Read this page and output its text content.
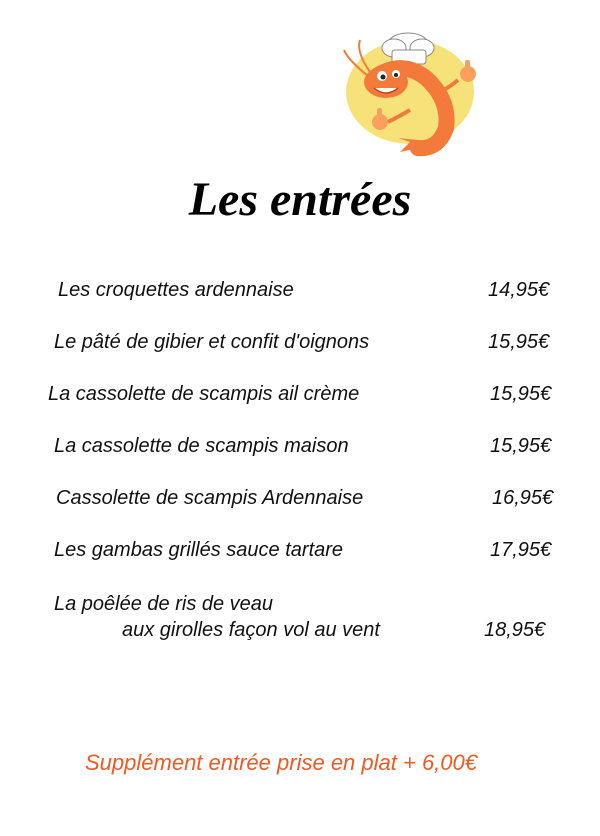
Les entrées
Les croquettes ardennaise	14,95€
Le pâté de gibier et confit d'oignons	15,95€
La cassolette de scampis ail crème	15,95€
La cassolette de scampis maison	15,95€
Cassolette de scampis Ardennaise	16,95€
Les gambas grillés sauce tartare	17,95€
La poêlée de ris de veau
aux girolles façon vol au vent	18,95€
Supplément entrée prise en plat + 6,00€
